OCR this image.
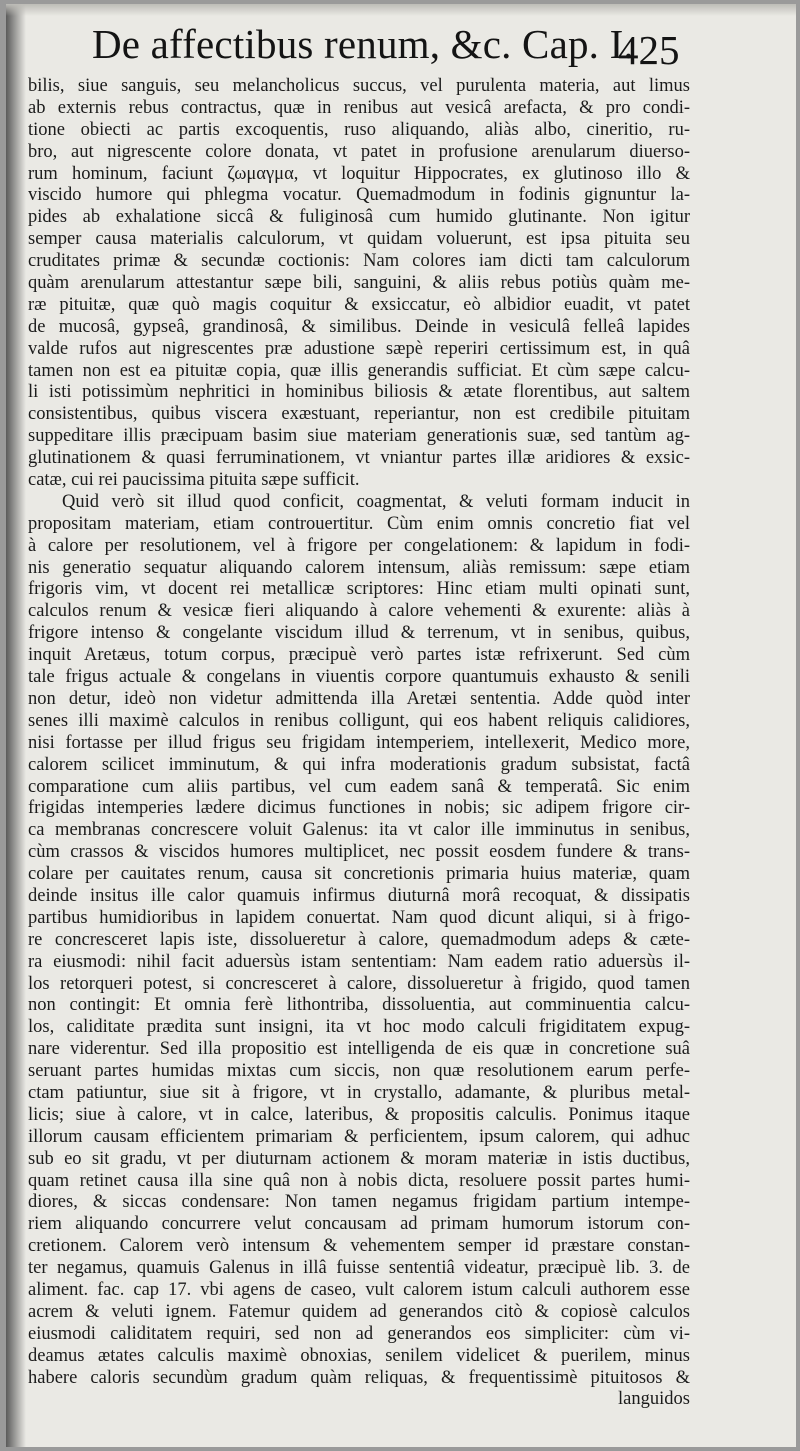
De affectibus renum, &c. Cap. I.
425
bilis, siue sanguis, seu melancholicus succus, vel purulenta materia, aut limus
ab externis rebus contractus, quæ in renibus aut vesicâ arefacta, & pro condi-
tione obiecti ac partis excoquentis, ruso aliquando, aliàs albo, cineritio, ru-
bro, aut nigrescente colore donata, vt patet in profusione arenularum diuerso-
rum hominum, faciunt ζωμαγμα, vt loquitur Hippocrates, ex glutinoso illo &
viscido humore qui phlegma vocatur. Quemadmodum in fodinis gignuntur la-
pides ab exhalatione siccâ & fuliginosâ cum humido glutinante. Non igitur
semper causa materialis calculorum, vt quidam voluerunt, est ipsa pituita seu
cruditates primæ & secundæ coctionis: Nam colores iam dicti tam calculorum
quàm arenularum attestantur sæpe bili, sanguini, & aliis rebus potiùs quàm me-
ræ pituitæ, quæ quò magis coquitur & exsiccatur, eò albidior euadit, vt patet
de mucosâ, gypseâ, grandinosâ, & similibus. Deinde in vesiculâ felleâ lapides
valde rufos aut nigrescentes præ adustione sæpè reperiri certissimum est, in quâ
tamen non est ea pituitæ copia, quæ illis generandis sufficiat. Et cùm sæpe calcu-
li isti potissimùm nephritici in hominibus biliosis & ætate florentibus, aut saltem
consistentibus, quibus viscera exæstuant, reperiantur, non est credibile pituitam
suppeditare illis præcipuam basim siue materiam generationis suæ, sed tantùm ag-
glutinationem & quasi ferruminationem, vt vniantur partes illæ aridiores & exsic-
catæ, cui rei paucissima pituita sæpe sufficit.
Quid verò sit illud quod conficit, coagmentat, & veluti formam inducit in
propositam materiam, etiam controuertitur. Cùm enim omnis concretio fiat vel
à calore per resolutionem, vel à frigore per congelationem: & lapidum in fodi-
nis generatio sequatur aliquando calorem intensum, aliàs remissum: sæpe etiam
frigoris vim, vt docent rei metallicæ scriptores: Hinc etiam multi opinati sunt,
calculos renum & vesicæ fieri aliquando à calore vehementi & exurente: aliàs à
frigore intenso & congelante viscidum illud & terrenum, vt in senibus, quibus,
inquit Aretæus, totum corpus, præcipuè verò partes istæ refrixerunt. Sed cùm
tale frigus actuale & congelans in viuentis corpore quantumuis exhausto & senili
non detur, ideò non videtur admittenda illa Aretæi sententia. Adde quòd inter
senes illi maximè calculos in renibus colligunt, qui eos habent reliquis calidiores,
nisi fortasse per illud frigus seu frigidam intemperiem, intellexerit, Medico more,
calorem scilicet imminutum, & qui infra moderationis gradum subsistat, factâ
comparatione cum aliis partibus, vel cum eadem sanâ & temperatâ. Sic enim
frigidas intemperies lædere dicimus functiones in nobis; sic adipem frigore cir-
ca membranas concrescere voluit Galenus: ita vt calor ille imminutus in senibus,
cùm crassos & viscidos humores multiplicet, nec possit eosdem fundere & trans-
colare per cauitates renum, causa sit concretionis primaria huius materiæ, quam
deinde insitus ille calor quamuis infirmus diuturnâ morâ recoquat, & dissipatis
partibus humidioribus in lapidem conuertat. Nam quod dicunt aliqui, si à frigo-
re concresceret lapis iste, dissolueretur à calore, quemadmodum adeps & cæte-
ra eiusmodi: nihil facit aduersùs istam sententiam: Nam eadem ratio aduersùs il-
los retorqueri potest, si concresceret à calore, dissolueretur à frigido, quod tamen
non contingit: Et omnia ferè lithontriba, dissoluentia, aut comminuentia calcu-
los, caliditate prædita sunt insigni, ita vt hoc modo calculi frigiditatem expug-
nare viderentur. Sed illa propositio est intelligenda de eis quæ in concretione suâ
seruant partes humidas mixtas cum siccis, non quæ resolutionem earum perfe-
ctam patiuntur, siue sit à frigore, vt in crystallo, adamante, & pluribus metal-
licis; siue à calore, vt in calce, lateribus, & propositis calculis. Ponimus itaque
illorum causam efficientem primariam & perficientem, ipsum calorem, qui adhuc
sub eo sit gradu, vt per diuturnam actionem & moram materiæ in istis ductibus,
quam retinet causa illa sine quâ non à nobis dicta, resoluere possit partes humi-
diores, & siccas condensare: Non tamen negamus frigidam partium intempe-
riem aliquando concurrere velut concausam ad primam humorum istorum con-
cretionem. Calorem verò intensum & vehementem semper id præstare constan-
ter negamus, quamuis Galenus in illâ fuisse sententiâ videatur, præcipuè lib. 3. de
aliment. fac. cap 17. vbi agens de caseo, vult calorem istum calculi authorem esse
acrem & veluti ignem. Fatemur quidem ad generandos citò & copiosè calculos
eiusmodi caliditatem requiri, sed non ad generandos eos simpliciter: cùm vi-
deamus ætates calculis maximè obnoxias, senilem videlicet & puerilem, minus
habere caloris secundùm gradum quàm reliquas, & frequentissimè pituitosos &
languidos
